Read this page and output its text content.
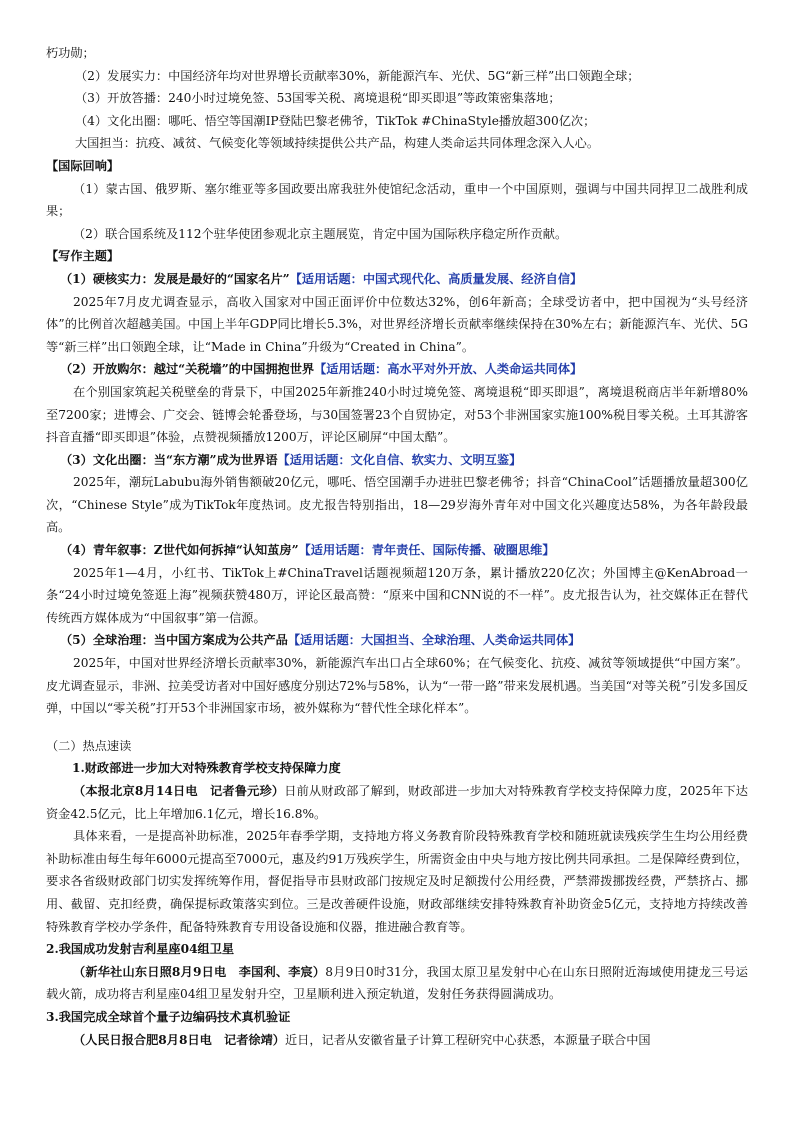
朽功勋；

（2）发展实力：中国经济年均对世界增长贡献率30%，新能源汽车、光伏、5G“新三样”出口领跑全球；

（3）开放答播：240小时过境免签、53国零关税、离境退税“即买即退”等政策密集落地；

（4）文化出圈：哪吒、悟空等国潮IP登陆巴黎老佛爷，TikTok #ChinaStyle播放超300亿次；

大国担当：抗疫、减贫、气候变化等领域持续提供公共产品，构建人类命运共同体理念深入人心。

【国际回响】

（1）蒙古国、俄罗斯、塞尔维亚等多国政要出席我驻外使馆纪念活动，重申一个中国原则，强调与中国共同捍卫二战胜利成果；

（2）联合国系统及112个驻华使团参观北京主题展览，肯定中国为国际秩序稳定所作贡献。

【写作主题】

（1）硬核实力：发展是最好的“国家名片”【适用话题：中国式现代化、高质量发展、经济自信】

2025年7月皮尤调查显示，高收入国家对中国正面评价中位数达32%，创6年新高；全球受访者中，把中国视为“头号经济体”的比例首次超越美国。中国上半年GDP同比增长5.3%，对世界经济增长贡献率继续保持在30%左右；新能源汽车、光伏、5G等“新三样”出口领跑全球，让“Made in China”升级为“Created in China”。

（2）开放购尔：越过“关税墙”的中国拥抱世界【适用话题：高水平对外开放、人类命运共同体】

在个别国家筑起关税壁垒的背景下，中国2025年新推240小时过境免签、离境退税“即买即退”，离境退税商店半年新增80%至7200家；进博会、广交会、链博会轮番登场，与30国签署23个自贸协定，对53个非洲国家实施100%税目零关税。土耳其游客抖音直播“即买即退”体验，点赞视频播放1200万，评论区刷屏“中国太酷”。

（3）文化出圈：当“东方潮”成为世界语【适用话题：文化自信、软实力、文明互鉴】

2025年，潮玩Labubu海外销售额破20亿元，哪吒、悟空国潮手办进驻巴黎老佛爷；抖音“ChinaCool”话题播放量超300亿次，“Chinese Style”成为TikTok年度热词。皮尤报告特别指出，18—29岁海外青年对中国文化兴趣度达58%，为各年龄段最高。

（4）青年叙事：Z世代如何拆掉“认知茧房”【适用话题：青年责任、国际传播、破圈思维】

2025年1—4月，小红书、TikTok上#ChinaTravel话题视频超120万条，累计播放220亿次；外国博主@KenAbroad一条“24小时过境免签逛上海”视频获赞480万，评论区最高赞：“原来中国和CNN说的不一样”。皮尤报告认为，社交媒体正在替代传统西方媒体成为“中国叙事”第一信源。

（5）全球治理：当中国方案成为公共产品【适用话题：大国担当、全球治理、人类命运共同体】

2025年，中国对世界经济增长贡献率30%，新能源汽车出口占全球60%；在气候变化、抗疫、减贫等领域提供“中国方案”。皮尤调查显示，非洲、拉美受访者对中国好感度分别达72%与58%，认为“一带一路”带来发展机遇。当美国“对等关税”引发多国反弹，中国以“零关税”打开53个非洲国家市场，被外媒称为“替代性全球化样本”。

（二）热点速读

1.财政部进一步加大对特殊教育学校支持保障力度

（本报北京8月14日电　记者鲁元珍）日前从财政部了解到，财政部进一步加大对特殊教育学校支持保障力度，2025年下达资金42.5亿元，比上年增加6.1亿元，增长16.8%。

具体来看，一是提高补助标准，2025年春季学期，支持地方将义务教育阶段特殊教育学校和随班就读残疾学生生均公用经费补助标准由每生每年6000元提高至7000元，惠及约91万残疾学生，所需资金由中央与地方按比例共同承担。二是保障经费到位，要求各省级财政部门切实发挥统筹作用，督促指导市县财政部门按规定及时足额拨付公用经费，严禁滞拨挪拨经费，严禁挤占、挪用、截留、克扣经费，确保提标政策落实到位。三是改善硬件设施，财政部继续安排特殊教育补助资金5亿元，支持地方持续改善特殊教育学校办学条件，配备特殊教育专用设备设施和仪器，推进融合教育等。

2.我国成功发射吉利星座04组卫星

（新华社山东日照8月9日电　李国利、李宸）8月9日0时31分，我国太原卫星发射中心在山东日照附近海域使用捷龙三号运载火箭，成功将吉利星座04组卫星发射升空，卫星顺利进入预定轨道，发射任务获得圆满成功。

3.我国完成全球首个量子边编码技术真机验证

（人民日报合肥8月8日电　记者徐靖）近日，记者从安徽省量子计算工程研究中心获悉，本源量子联合中国
